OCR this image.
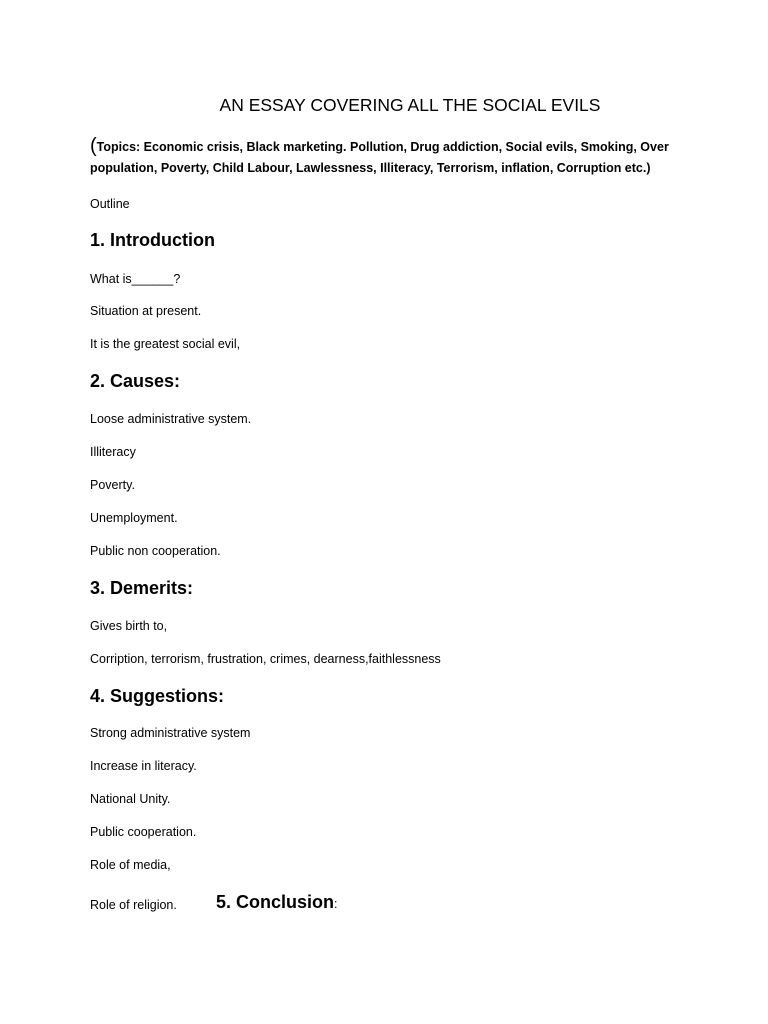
AN ESSAY COVERING ALL THE SOCIAL EVILS

(Topics: Economic crisis, Black marketing. Pollution, Drug addiction, Social evils, Smoking, Over population, Poverty, Child Labour, Lawlessness, Illiteracy, Terrorism, inflation, Corruption etc.)

Outline

1. Introduction

What is______?

Situation at present.

It is the greatest social evil,

2. Causes:

Loose administrative system.

Illiteracy

Poverty.

Unemployment.

Public non cooperation.

3. Demerits:

Gives birth to,

Corription, terrorism, frustration, crimes, dearness,faithlessness

4. Suggestions:

Strong administrative system

Increase in literacy.

National Unity.

Public cooperation.

Role of media,

Role of religion. 5. Conclusion:
